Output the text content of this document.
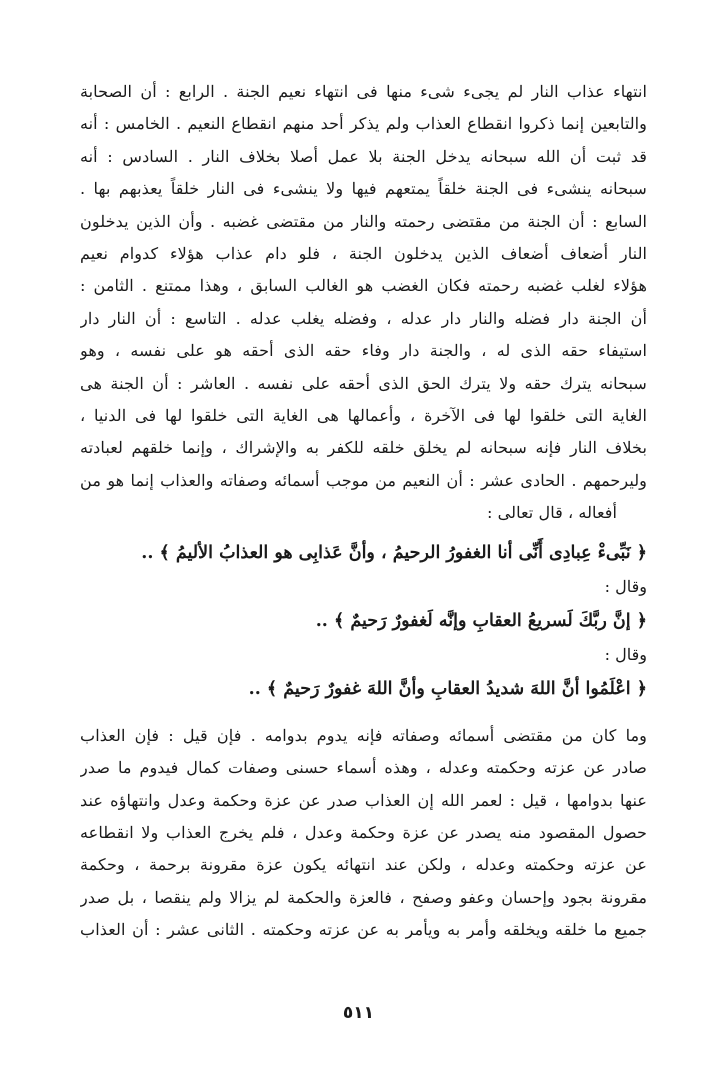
انتهاء عذاب النار لم يجىء شىء منها فى انتهاء نعيم الجنة . الرابع : أن الصحابة

والتابعين إنما ذكروا انقطاع العذاب ولم يذكر أحد منهم انقطاع النعيم . الخامس : أنه

قد ثبت أن الله سبحانه يدخل الجنة بلا عمل أصلا بخلاف النار . السادس : أنه

سبحانه ينشىء فى الجنة خلقاً يمتعهم فيها ولا ينشىء فى النار خلقاً يعذبهم بها .

السابع : أن الجنة من مقتضى رحمته والنار من مقتضى غضبه . وأن الذين يدخلون

النار أضعاف أضعاف الذين يدخلون الجنة ، فلو دام عذاب هؤلاء كدوام نعيم

هؤلاء لغلب غضبه رحمته فكان الغضب هو الغالب السابق ، وهذا ممتنع . الثامن :

أن الجنة دار فضله والنار دار عدله ، وفضله يغلب عدله . التاسع : أن النار دار

استيفاء حقه الذى له ، والجنة دار وفاء حقه الذى أحقه هو على نفسه ، وهو

سبحانه يترك حقه ولا يترك الحق الذى أحقه على نفسه . العاشر : أن الجنة هى

الغاية التى خلقوا لها فى الآخرة ، وأعمالها هى الغاية التى خلقوا لها فى الدنيا ،

بخلاف النار فإنه سبحانه لم يخلق خلقه للكفر به والإشراك ، وإنما خلقهم لعبادته

وليرحمهم . الحادى عشر : أن النعيم من موجب أسمائه وصفاته والعذاب إنما هو من

أفعاله ، قال تعالى :

﴿ نَبِّىءْ عِبادِى أَنِّى أنا الغفورُ الرحيمُ ، وأنَّ عَذابِى هو العذابُ الأليمُ ﴾ ..

وقال :

﴿ إنَّ ربَّكَ لَسريعُ العقابِ وإنَّه لَغفورٌ رَحيمٌ ﴾ ..

وقال :

﴿ اعْلَمُوا أنَّ اللهَ شديدُ العقابِ وأنَّ اللهَ غفورٌ رَحيمٌ ﴾ ..

وما كان من مقتضى أسمائه وصفاته فإنه يدوم بدوامه . فإن قيل : فإن العذاب

صادر عن عزته وحكمته وعدله ، وهذه أسماء حسنى وصفات كمال فيدوم ما صدر

عنها بدوامها ، قيل : لعمر الله إن العذاب صدر عن عزة وحكمة وعدل وانتهاؤه عند

حصول المقصود منه يصدر عن عزة وحكمة وعدل ، فلم يخرج العذاب ولا انقطاعه

عن عزته وحكمته وعدله ، ولكن عند انتهائه يكون عزة مقرونة برحمة ، وحكمة

مقرونة بجود وإحسان وعفو وصفح ، فالعزة والحكمة لم يزالا ولم ينقصا ، بل صدر

جميع ما خلقه ويخلقه وأمر به ويأمر به عن عزته وحكمته . الثانى عشر : أن العذاب

٥١١
